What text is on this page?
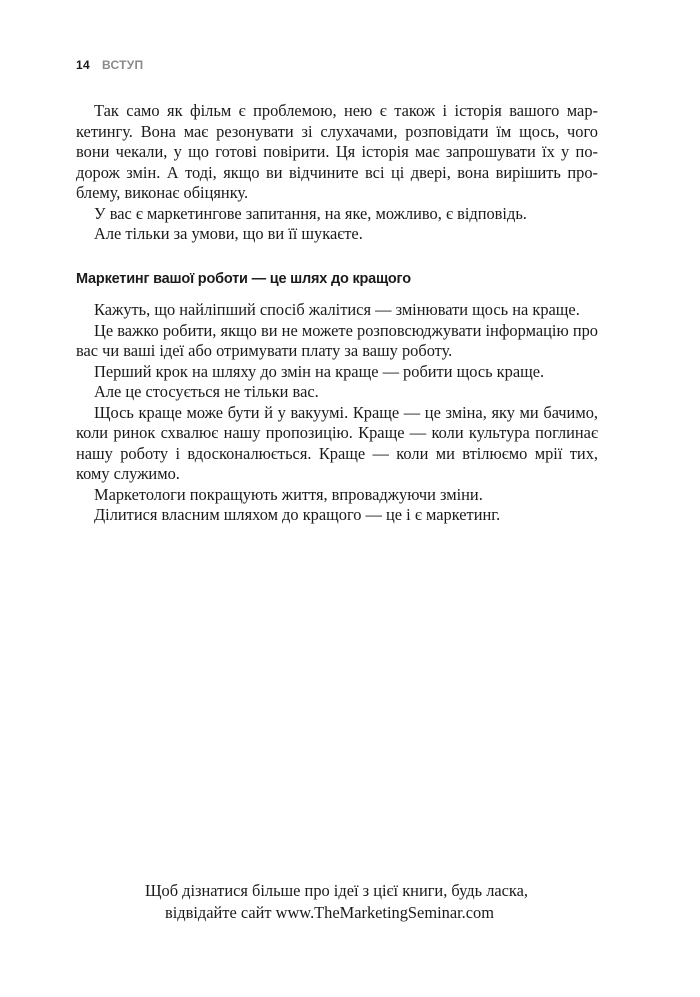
14 ВСТУП

Так само як фільм є проблемою, нею є також і історія вашого маркетингу. Вона має резонувати зі слухачами, розповідати їм щось, чого вони чекали, у що готові повірити. Ця історія має запрошувати їх у подорож змін. А тоді, якщо ви відчините всі ці двері, вона вирішить проблему, виконає обіцянку.

У вас є маркетингове запитання, на яке, можливо, є відповідь.

Але тільки за умови, що ви її шукаєте.

Маркетинг вашої роботи — це шлях до кращого

Кажуть, що найліпший спосіб жалітися — змінювати щось на краще.

Це важко робити, якщо ви не можете розповсюджувати інформацію про вас чи ваші ідеї або отримувати плату за вашу роботу.

Перший крок на шляху до змін на краще — робити щось краще.

Але це стосується не тільки вас.

Щось краще може бути й у вакуумі. Краще — це зміна, яку ми бачимо, коли ринок схвалює нашу пропозицію. Краще — коли культура поглинає нашу роботу і вдосконалюється. Краще — коли ми втілюємо мрії тих, кому служимо.

Маркетологи покращують життя, впроваджуючи зміни.

Ділитися власним шляхом до кращого — це і є маркетинг.

Щоб дізнатися більше про ідеї з цієї книги, будь ласка,
відвідайте сайт www.TheMarketingSeminar.com
